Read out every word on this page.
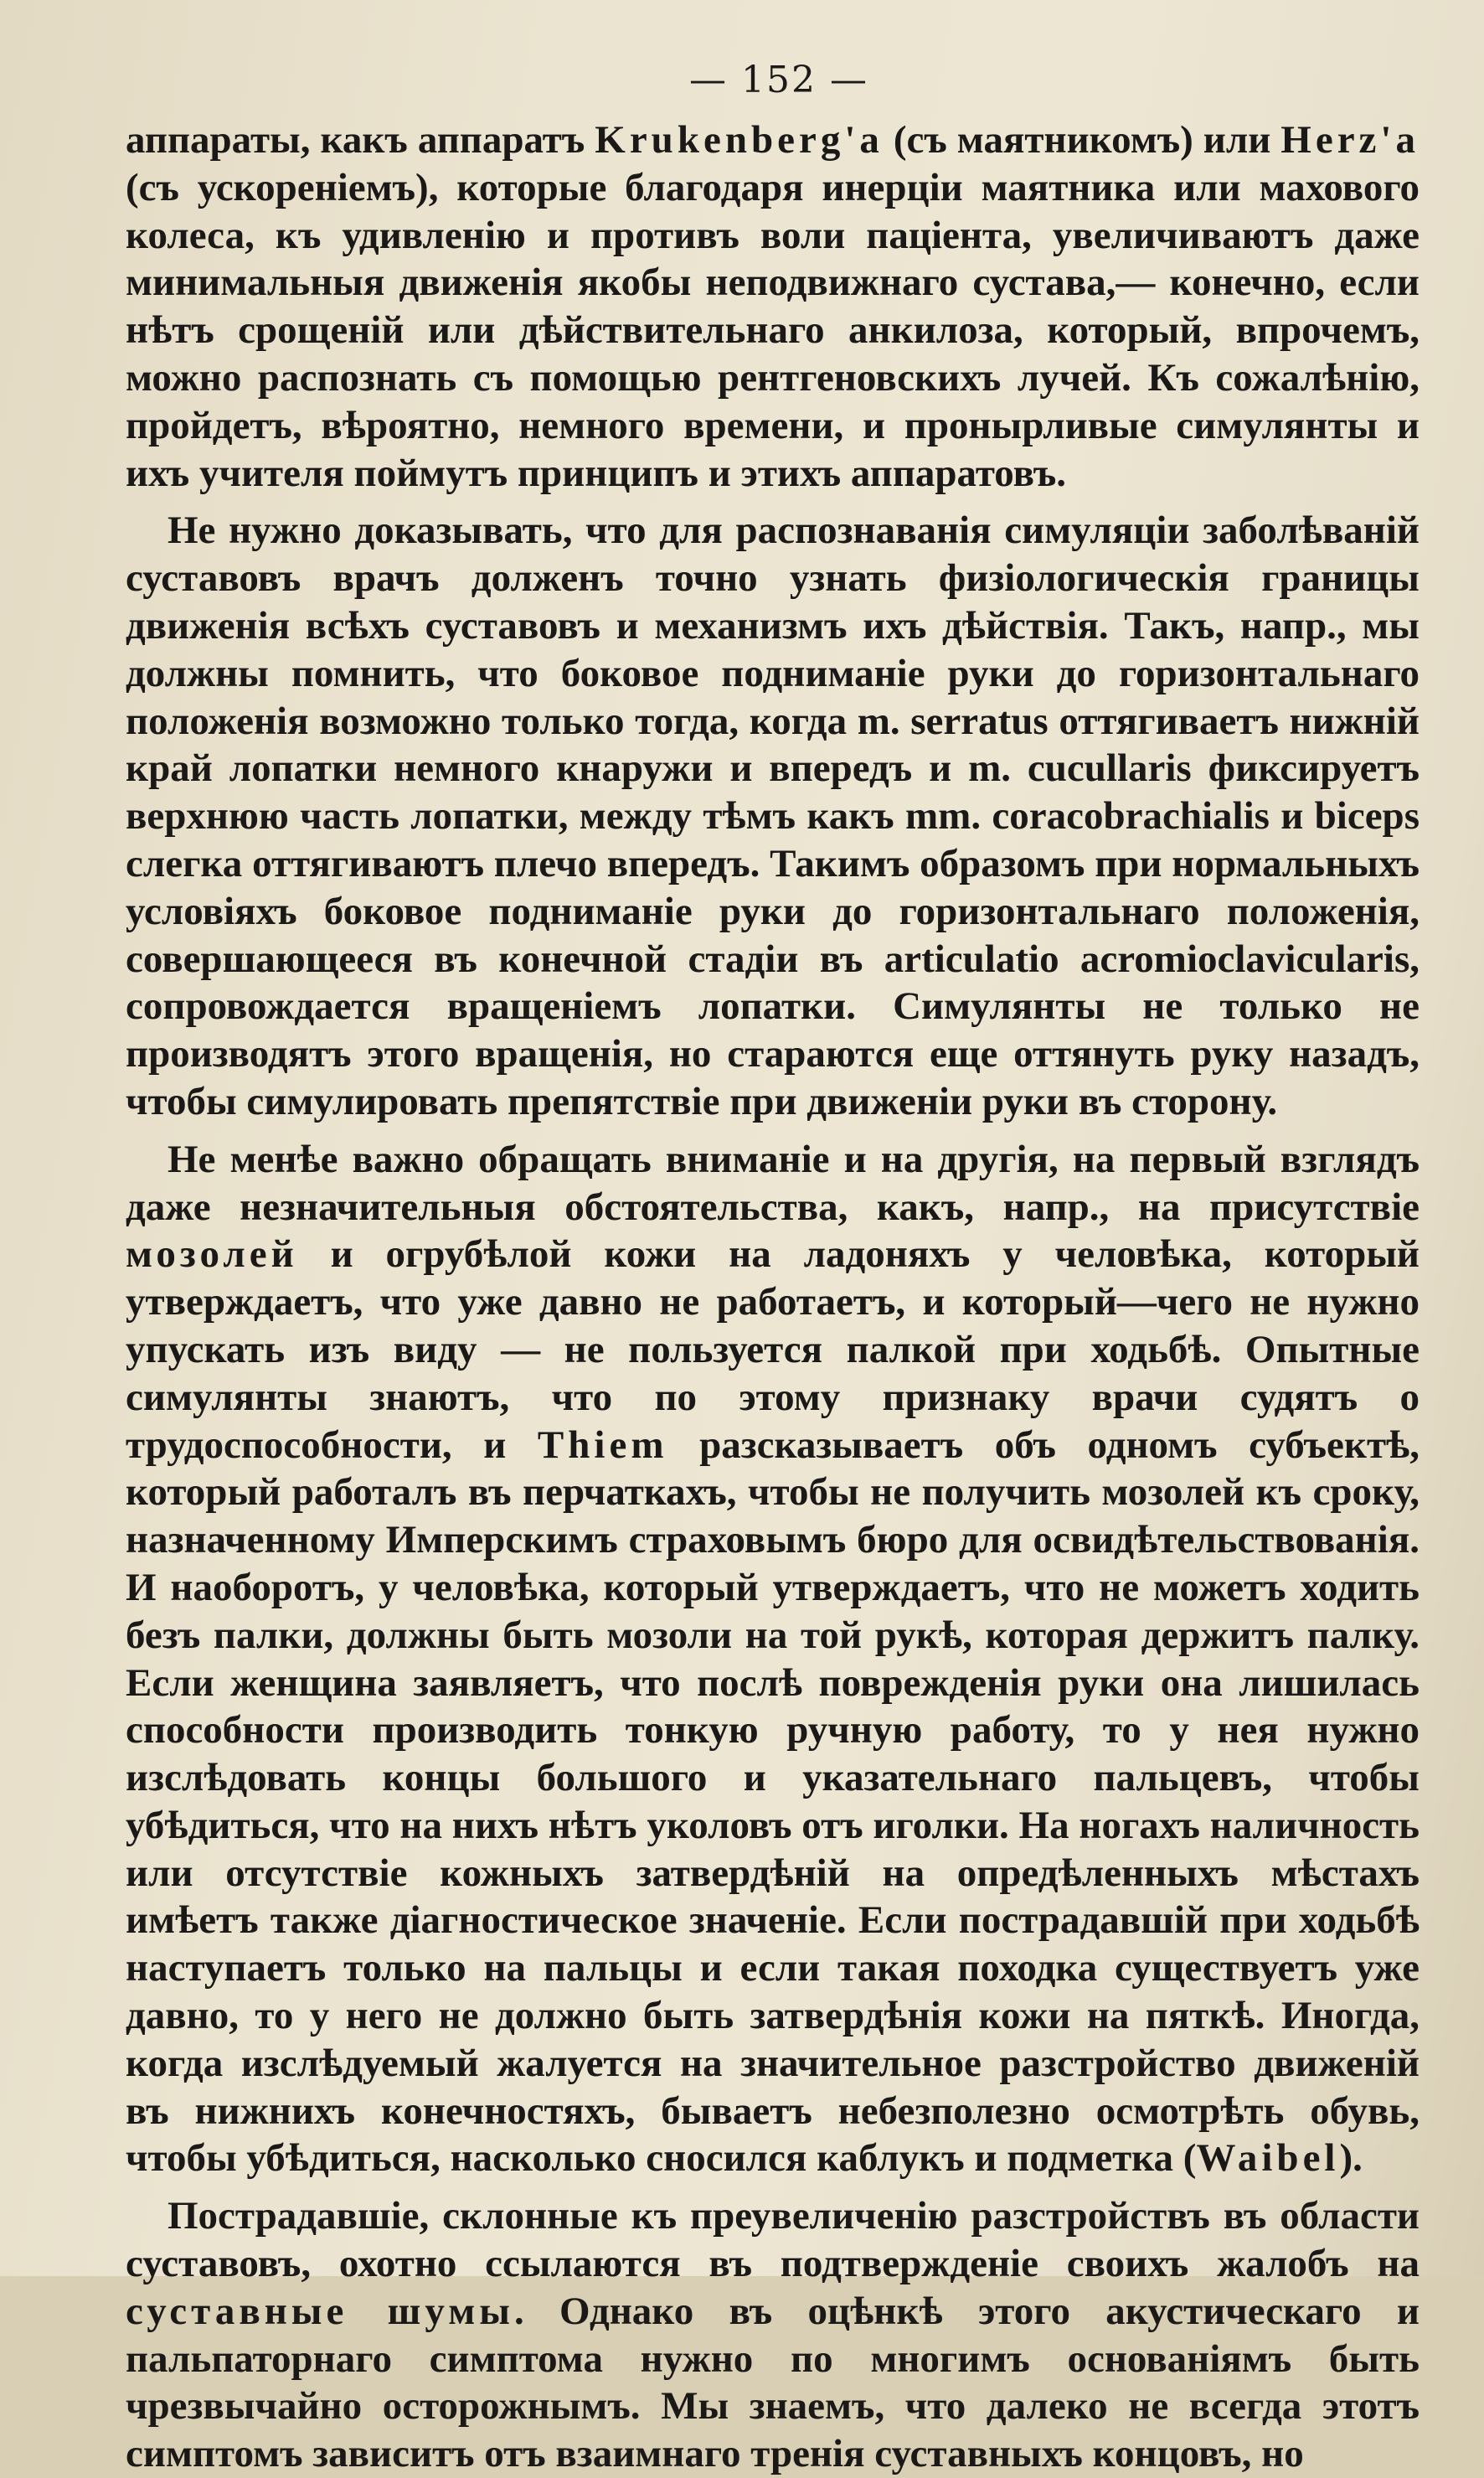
— 152 —

аппараты, какъ аппаратъ Krukenberg'а (съ маятникомъ) или Herz'а (съ ускореніемъ), которые благодаря инерціи маятника или махового колеса, къ удивленію и противъ воли паціента, увеличиваютъ даже минимальныя движенія якобы неподвижнаго сустава,— конечно, если нѣтъ срощеній или дѣйствительнаго анкилоза, который, впрочемъ, можно распознать съ помощью рентгеновскихъ лучей. Къ сожалѣнію, пройдетъ, вѣроятно, немного времени, и пронырливые симулянты и ихъ учителя поймутъ принципъ и этихъ аппаратовъ.

Не нужно доказывать, что для распознаванія симуляціи заболѣваній суставовъ врачъ долженъ точно узнать физіологическія границы движенія всѣхъ суставовъ и механизмъ ихъ дѣйствія. Такъ, напр., мы должны помнить, что боковое подниманіе руки до горизонтальнаго положенія возможно только тогда, когда m. serratus оттягиваетъ нижній край лопатки немного кнаружи и впередъ и m. cucullaris фиксируетъ верхнюю часть лопатки, между тѣмъ какъ mm. coracobrachialis и biceps слегка оттягиваютъ плечо впередъ. Такимъ образомъ при нормальныхъ условіяхъ боковое подниманіе руки до горизонтальнаго положенія, совершающееся въ конечной стадіи въ articulatio acromioclavicularis, сопровождается вращеніемъ лопатки. Симулянты не только не производятъ этого вращенія, но стараются еще оттянуть руку назадъ, чтобы симулировать препятствіе при движеніи руки въ сторону.

Не менѣе важно обращать вниманіе и на другія, на первый взглядъ даже незначительныя обстоятельства, какъ, напр., на присутствіе мозолей и огрубѣлой кожи на ладоняхъ у человѣка, который утверждаетъ, что уже давно не работаетъ, и который—чего не нужно упускать изъ виду — не пользуется палкой при ходьбѣ. Опытные симулянты знаютъ, что по этому признаку врачи судятъ о трудоспособности, и Thiem разсказываетъ объ одномъ субъектѣ, который работалъ въ перчаткахъ, чтобы не получить мозолей къ сроку, назначенному Имперскимъ страховымъ бюро для освидѣтельствованія. И наоборотъ, у человѣка, который утверждаетъ, что не можетъ ходить безъ палки, должны быть мозоли на той рукѣ, которая держитъ палку. Если женщина заявляетъ, что послѣ поврежденія руки она лишилась способности производить тонкую ручную работу, то у нея нужно изслѣдовать концы большого и указательнаго пальцевъ, чтобы убѣдиться, что на нихъ нѣтъ уколовъ отъ иголки. На ногахъ наличность или отсутствіе кожныхъ затвердѣній на опредѣленныхъ мѣстахъ имѣетъ также діагностическое значеніе. Если пострадавшій при ходьбѣ наступаетъ только на пальцы и если такая походка существуетъ уже давно, то у него не должно быть затвердѣнія кожи на пяткѣ. Иногда, когда изслѣдуемый жалуется на значительное разстройство движеній въ нижнихъ конечностяхъ, бываетъ небезполезно осмотрѣть обувь, чтобы убѣдиться, насколько сносился каблукъ и подметка (Waibel).

Пострадавшіе, склонные къ преувеличенію разстройствъ въ области суставовъ, охотно ссылаются въ подтвержденіе своихъ жалобъ на суставные шумы. Однако въ оцѣнкѣ этого акустическаго и пальпаторнаго симптома нужно по многимъ основаніямъ быть чрезвычайно осторожнымъ. Мы знаемъ, что далеко не всегда этотъ симптомъ зависитъ отъ взаимнаго тренія суставныхъ концовъ, но
